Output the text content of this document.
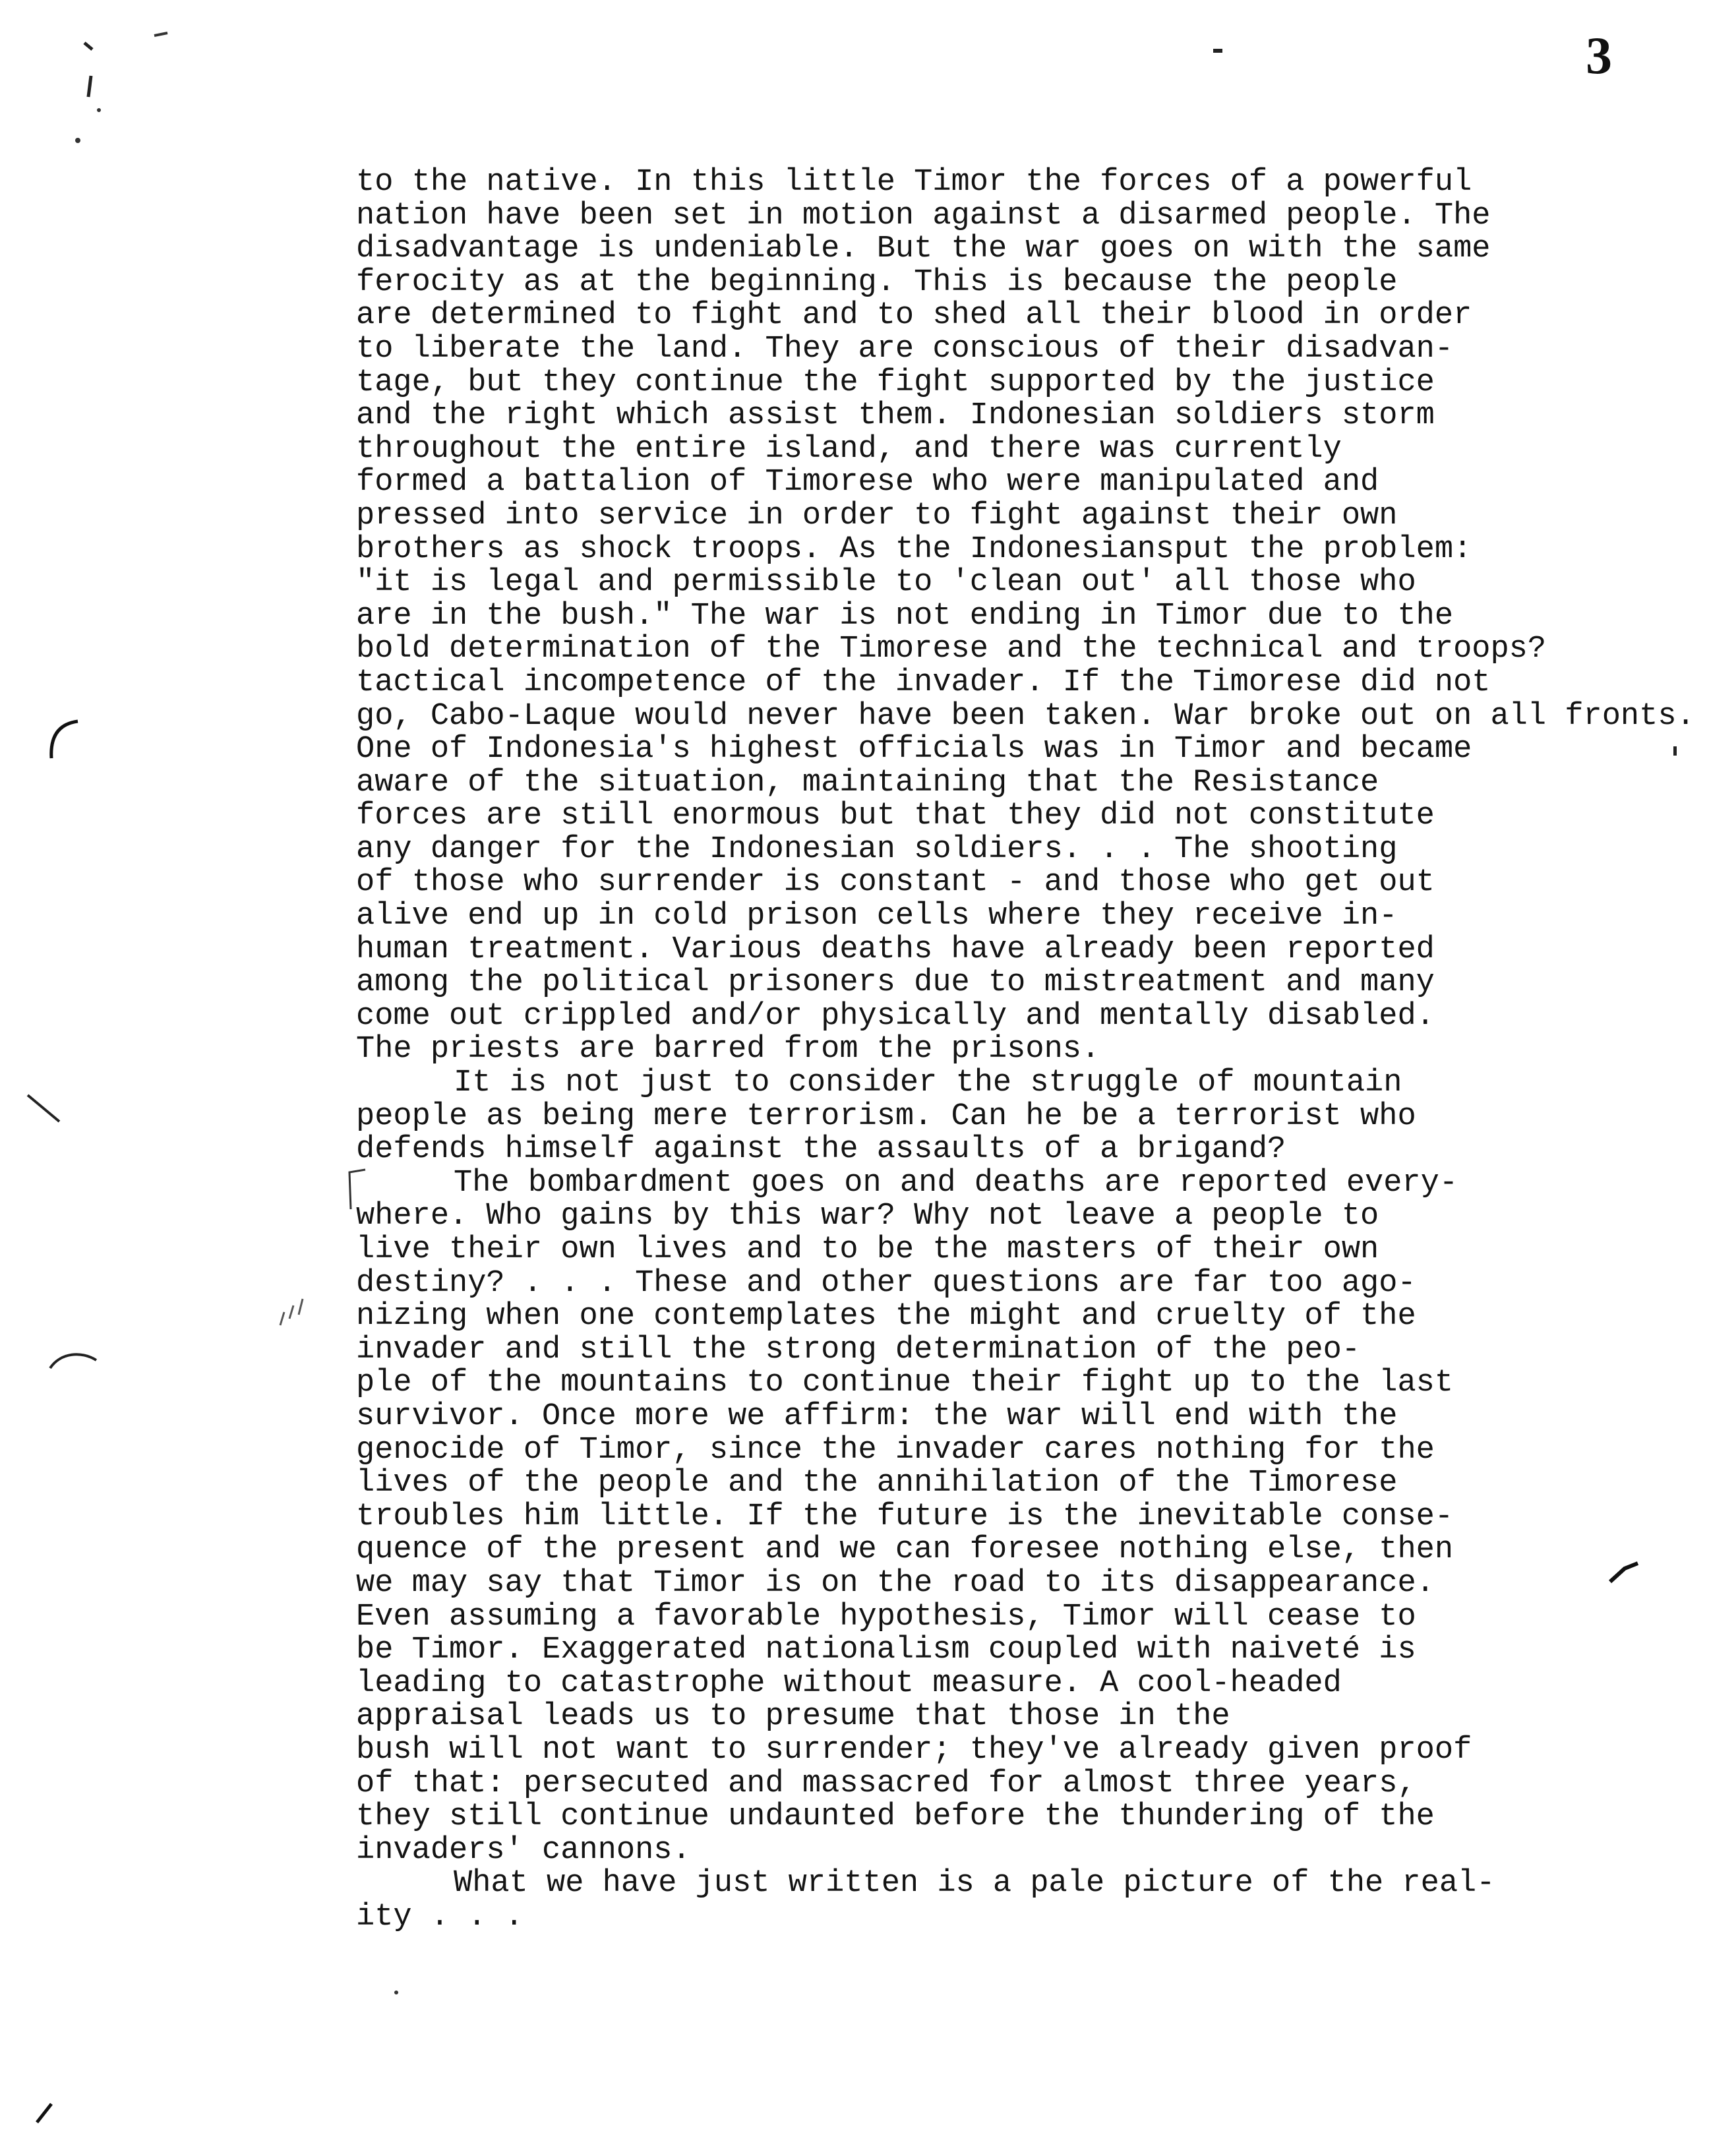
3
to the native. In this little Timor the forces of a powerful
nation have been set in motion against a disarmed people. The
disadvantage is undeniable. But the war goes on with the same
ferocity as at the beginning. This is because the people
are determined to fight and to shed all their blood in order
to liberate the land. They are conscious of their disadvan-
tage, but they continue the fight supported by the justice
and the right which assist them. Indonesian soldiers storm
throughout the entire island, and there was currently
formed a battalion of Timorese who were manipulated and
pressed into service in order to fight against their own
brothers as shock troops. As the Indonesiansput the problem:
"it is legal and permissible to 'clean out' all those who
are in the bush." The war is not ending in Timor due to the
bold determination of the Timorese and the technical and troops?
tactical incompetence of the invader. If the Timorese did not
go, Cabo-Laque would never have been taken. War broke out on all fronts.
One of Indonesia's highest officials was in Timor and became
aware of the situation, maintaining that the Resistance
forces are still enormous but that they did not constitute
any danger for the Indonesian soldiers. . . The shooting
of those who surrender is constant - and those who get out
alive end up in cold prison cells where they receive in-
human treatment. Various deaths have already been reported
among the political prisoners due to mistreatment and many
come out crippled and/or physically and mentally disabled.
The priests are barred from the prisons.
It is not just to consider the struggle of mountain
people as being mere terrorism. Can he be a terrorist who
defends himself against the assaults of a brigand?
The bombardment goes on and deaths are reported every-
where. Who gains by this war? Why not leave a people to
live their own lives and to be the masters of their own
destiny? . . . These and other questions are far too ago-
nizing when one contemplates the might and cruelty of the
invader and still the strong determination of the peo-
ple of the mountains to continue their fight up to the last
survivor. Once more we affirm: the war will end with the
genocide of Timor, since the invader cares nothing for the
lives of the people and the annihilation of the Timorese
troubles him little. If the future is the inevitable conse-
quence of the present and we can foresee nothing else, then
we may say that Timor is on the road to its disappearance.
Even assuming a favorable hypothesis, Timor will cease to
be Timor. Exaggerated nationalism coupled with naiveté is
leading to catastrophe without measure. A cool-headed
appraisal leads us to presume that those in the
bush will not want to surrender; they've already given proof
of that: persecuted and massacred for almost three years,
they still continue undaunted before the thundering of the
invaders' cannons.
What we have just written is a pale picture of the real-
ity . . .
